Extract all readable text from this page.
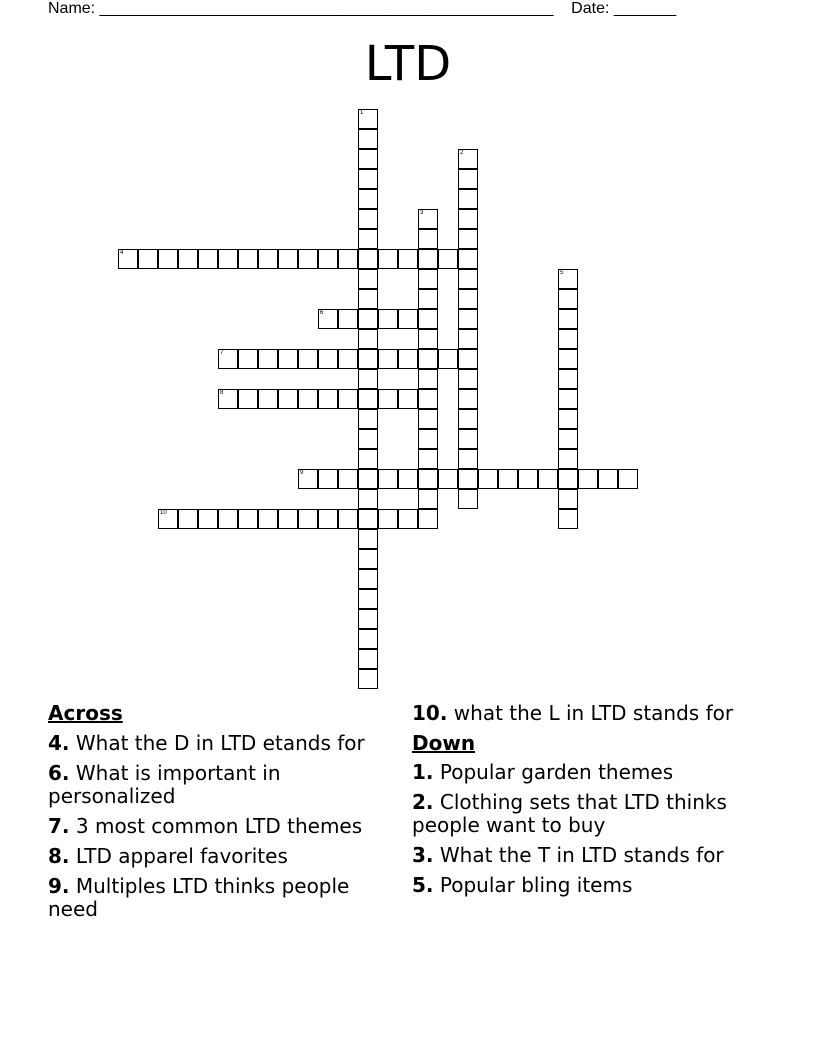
Name: ___________________________________________________    Date: _______
LTD
1
2
3
4
5
6
7
8
9
10
Across
4. What the D in LTD etands for
6. What is important in personalized
7. 3 most common LTD themes
8. LTD apparel favorites
9. Multiples LTD thinks people need
10. what the L in LTD stands for
Down
1. Popular garden themes
2. Clothing sets that LTD thinks people want to buy
3. What the T in LTD stands for
5. Popular bling items
